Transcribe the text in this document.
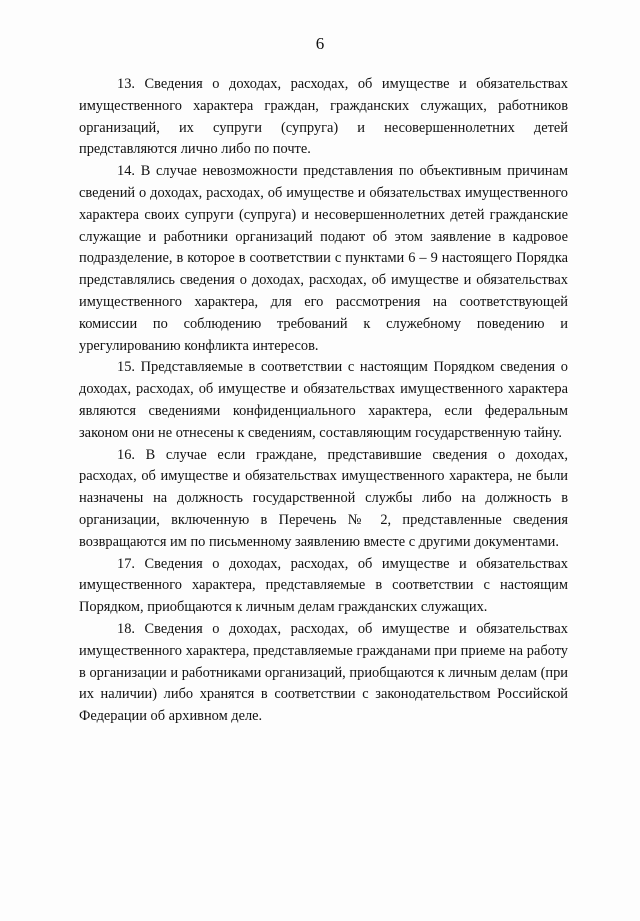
6

13. Сведения о доходах, расходах, об имуществе и обязательствах имущественного характера граждан, гражданских служащих, работников организаций, их супруги (супруга) и несовершеннолетних детей представляются лично либо по почте.

14. В случае невозможности представления по объективным причинам сведений о доходах, расходах, об имуществе и обязательствах имущественного характера своих супруги (супруга) и несовершеннолетних детей гражданские служащие и работники организаций подают об этом заявление в кадровое подразделение, в которое в соответствии с пунктами 6 – 9 настоящего Порядка представлялись сведения о доходах, расходах, об имуществе и обязательствах имущественного характера, для его рассмотрения на соответствующей комиссии по соблюдению требований к служебному поведению и урегулированию конфликта интересов.

15. Представляемые в соответствии с настоящим Порядком сведения о доходах, расходах, об имуществе и обязательствах имущественного характера являются сведениями конфиденциального характера, если федеральным законом они не отнесены к сведениям, составляющим государственную тайну.

16. В случае если граждане, представившие сведения о доходах, расходах, об имуществе и обязательствах имущественного характера, не были назначены на должность государственной службы либо на должность в организации, включенную в Перечень № 2, представленные сведения возвращаются им по письменному заявлению вместе с другими документами.

17. Сведения о доходах, расходах, об имуществе и обязательствах имущественного характера, представляемые в соответствии с настоящим Порядком, приобщаются к личным делам гражданских служащих.

18. Сведения о доходах, расходах, об имуществе и обязательствах имущественного характера, представляемые гражданами при приеме на работу в организации и работниками организаций, приобщаются к личным делам (при их наличии) либо хранятся в соответствии с законодательством Российской Федерации об архивном деле.
